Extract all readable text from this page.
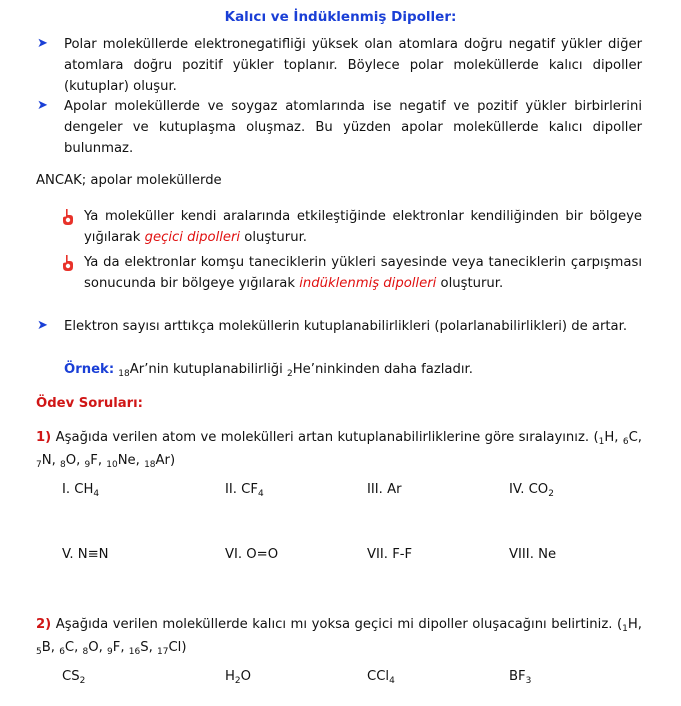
Kalıcı ve İndüklenmiş Dipoller:
➤ Polar moleküllerde elektronegatifliği yüksek olan atomlara doğru negatif yükler diğer atomlara doğru pozitif yükler toplanır. Böylece polar moleküllerde kalıcı dipoller (kutuplar) oluşur.
➤ Apolar moleküllerde ve soygaz atomlarında ise negatif ve pozitif yükler birbirlerini dengeler ve kutuplaşma oluşmaz. Bu yüzden apolar moleküllerde kalıcı dipoller bulunmaz.
ANCAK; apolar moleküllerde
Ya moleküller kendi aralarında etkileştiğinde elektronlar kendiliğinden bir bölgeye yığılarak geçici dipolleri oluşturur.
Ya da elektronlar komşu taneciklerin yükleri sayesinde veya taneciklerin çarpışması sonucunda bir bölgeye yığılarak indüklenmiş dipolleri oluşturur.
➤ Elektron sayısı arttıkça moleküllerin kutuplanabilirlikleri (polarlanabilirlikleri) de artar.
Örnek: $_{18}$Ar’nin kutuplanabilirliği $_2$He’ninkinden daha fazladır.
Ödev Soruları:
1) Aşağıda verilen atom ve molekülleri artan kutuplanabilirliklerine göre sıralayınız. ($_1H$, $_6$C, $_7$N, $_8$O, $_9$F, $_{10}$Ne, $_{18}$Ar)
I. $CH_4$	II. $CF_4$	III. Ar	IV. $CO_2$
V. N≡N	VI. O=O	VII. F-F	VIII. Ne
2) Aşağıda verilen moleküllerde kalıcı mı yoksa geçici mi dipoller oluşacağını belirtiniz. ($_1H$, $_5$B, $_6$C, $_8$O, $_9$F, $_{16}$S, $_{17}$Cl)
$CS_2$	$H_2O$	CCl$_4$	$BF_3$
